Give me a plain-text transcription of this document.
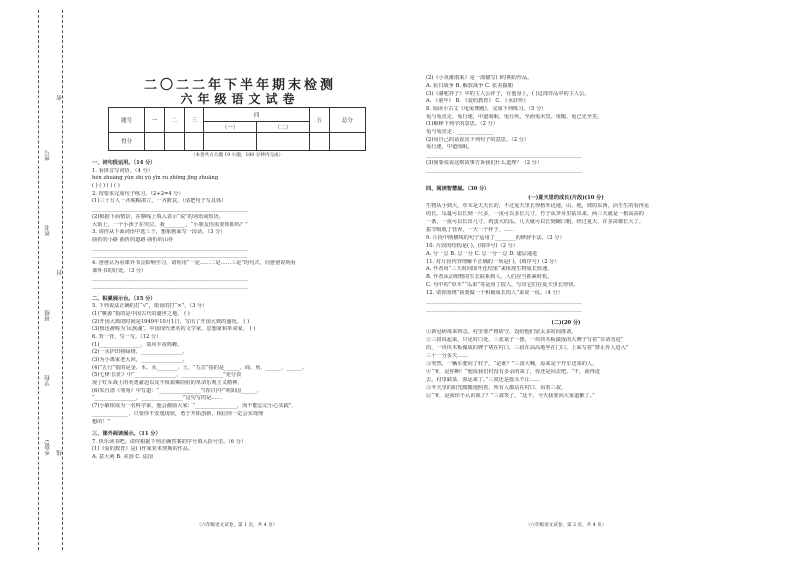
乡(镇)
学校
班级
姓名
座号
密
封
线
二〇二二年下半年期末检测
六年级语文试卷
题号	一	二	三	四		五	总分
				（一）	（二）		
得分							
（本卷共五大题 19 小题，100 分钟内完成）
一、词句段运用。（14 分）
1. 看拼音写词语。（4 分）
hén zhuàng yǔn shí yǔ yīn rú zhōng jīng zhuāng
( ) ( ) ( ) ( )
2. 按要求完成句子练习。（2+2=4 分）
(1)三十万人一齐脱帽肃立，一齐默哀。（请把句子写具体）
____________________________________________________________
(2)根据下面情景，在横线上填入表示“说”的词语或短语。
大街上，一个小孩子在哭泣，我________，“小朋友你需要帮助吗？”
3. 请你从下面词语中选三个，想象画面写一段话。（3 分）
曲折的小路 曲折的道路 曲折的山谷
____________________________________________________________
____________________________________________________________
4. 爸爸认为看课外书会影响学习，请你用“一是……二是……三是”的句式，向爸爸说明看
课外书的好处。（3 分）
____________________________________________________________
____________________________________________________________
二、积累展示台。（15 分）
5. 下列说法正确的打“√”，错误的打“×”。（3 分）
(1)“桃源”指的是中国古代的避世之地。 ( )
(2)开国大典的时间是1949年10月1日，写出了开国大典的盛况。 ( )
(3)鲁迅被称为‘民族魂’，中国现代著名的文学家、思想家和革命家。 ( )
6. 背一背，写一写。（12 分）
(1)________________，请风半夜鸣蝉。
(2)一水护田将绿绕，________________。
(3)为小离家老大回，________________。
(4)“五行”指的是金、木、水________、土，“五音”指的是______、商、角、______、______。
(5)七律·长征》中“________________，________________”充分表
现了红军战士的英勇豪迈以及不惧艰难险阻的革命乐观主义精神。
(6)朱自清《匆匆》中写道：“________________”(春日)中“明知国______。
“________________，________________”这句写的是……
(7)小敏组成为一名科学家，他会激励大家：“________________，而不能忘记小心实践”。
______________，只要你不安逸现状，勇于开拓创新，相信你一定会实现理
想的！”
三、课外阅读展示。（11 分）
7. 快乐读书吧。请你根据下列正确答案的序号填入括号里。（6 分）
(1)《爱的教育》是( )作家亚米契斯的作品。
A. 意大利 B. 美国 C. 法国
（六年级语文试卷，第 1 页，共 4 页）
(2)《小英雄雨来》是一部描写( )时期的作品。
A. 抗日战争 B. 解放战争 C. 抗美援朝
(3)《骆驼祥子》中的主人公祥子，在他身上，( )这部作品中的主人公。
A. 《童年》 B. 《爱的教育》 C. 《水浒传》
8. 阅读小古文《龟兔赛跑》，完成下列练习。（5 分）
龟与兔竞走，兔行速，中道而眠。龟行疾，至而兔未觉。兔醒，龟已先至矣。
(1)解释下列字的意思。（2 分）
龟与兔竞走：______________
(2)用自己的话说出下列句子的意思。（2 分）
兔行速，中道而眠。
____________________________________________________________
(3)简要说说这则故事告诉我们什么道理？（2 分）
____________________________________________________________
四、阅读智慧屋。（30 分）
(一)夏天里的成长(片段)(10 分)
生物从小到大，草木是天天长的，不过夏天里长得格外迅速。山，地，坡的东西，活生生的看得见
的长。瓜蔓可以长到一尺多，一夜可以多长几寸，竹子从笋芽里钻出来，两三天就是一根高高的
一条，一夜可以长出几寸，鸡蛋大的瓜，几天就可以长到碗口粗。经过夏天，许多苗都长大了。
拔节吸收了营养，一天一个样子。……
9. 片段中画横线的句子运用了________的修辞手法。（2 分）
10. 片段的结构是( )。(填序号)（2 分）
A. 分一总 B. 总一分 C. 总一分一总 D. 递层递进
11. 对片段内容理解不正确的一项是( )。(填序号)（2 分）
A. 作者用“三天时间即开花结果”来体现生物成长快速。
B. 作者从动植物的生长联系到人，人们应当抓紧时机。
C. 句中的“草木”“瓜果”等运用了拟人，写出它们在夏天里长得快。
12. 请你围绕“我要做一个积极成长的人”来说一说。（4 分）
____________________________________________________________
____________________________________________________________
(二)(20 分)
①新冠病毒来得急。村里要严格防守，没给他们留太多时间准备。
②三叔说起来，只见村口处，三张桌子一摆，一块块木板做成的大牌子写着“非请勿进”
的，一块块木板做成的牌子堵在村口，三叔在高高地坐在门口，上面写着“禁止外人进入”
三十一分多天……
③突然，一辆车驶向了村子。“是谁？”三叔大喊，原来是个开车送菜的人。
④“爷，是你啊！”他说我们村没有多余的菜了，你还是回去吧。“不，我得进
去，村里缺菜，我运来了。”三叔还是摇头不让……
⑤冬天里的阳光暖暖地照着，所有人都站在村口，看着三叔。
⑥“爷，是我你不认识我了？”三叔笑了，“这不，今天我要向大家道歉了。”
（六年级语文试卷，第 2 页，共 4 页）
